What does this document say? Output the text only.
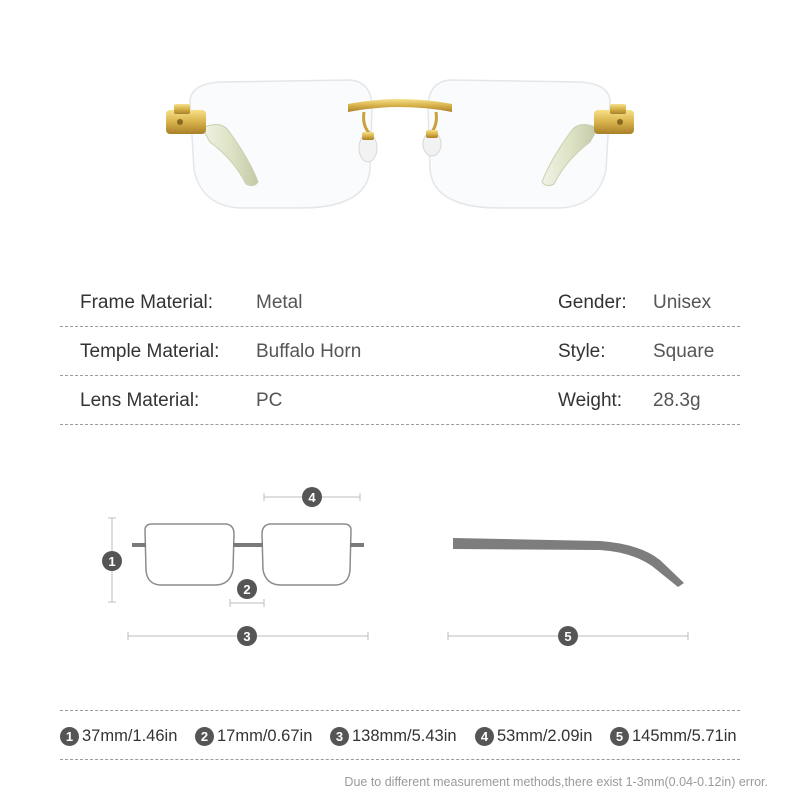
Frame Material: Metal	Gender: Unisex
Temple Material: Buffalo Horn	Style: Square
Lens Material:	PC	Weight: 28.3g
1
2
3
4
5
1 37mm/1.46in	2 17mm/0.67in	3 138mm/5.43in	4 53mm/2.09in	5 145mm/5.71in
Due to different measurement methods,there exist 1-3mm(0.04-0.12in) error.
